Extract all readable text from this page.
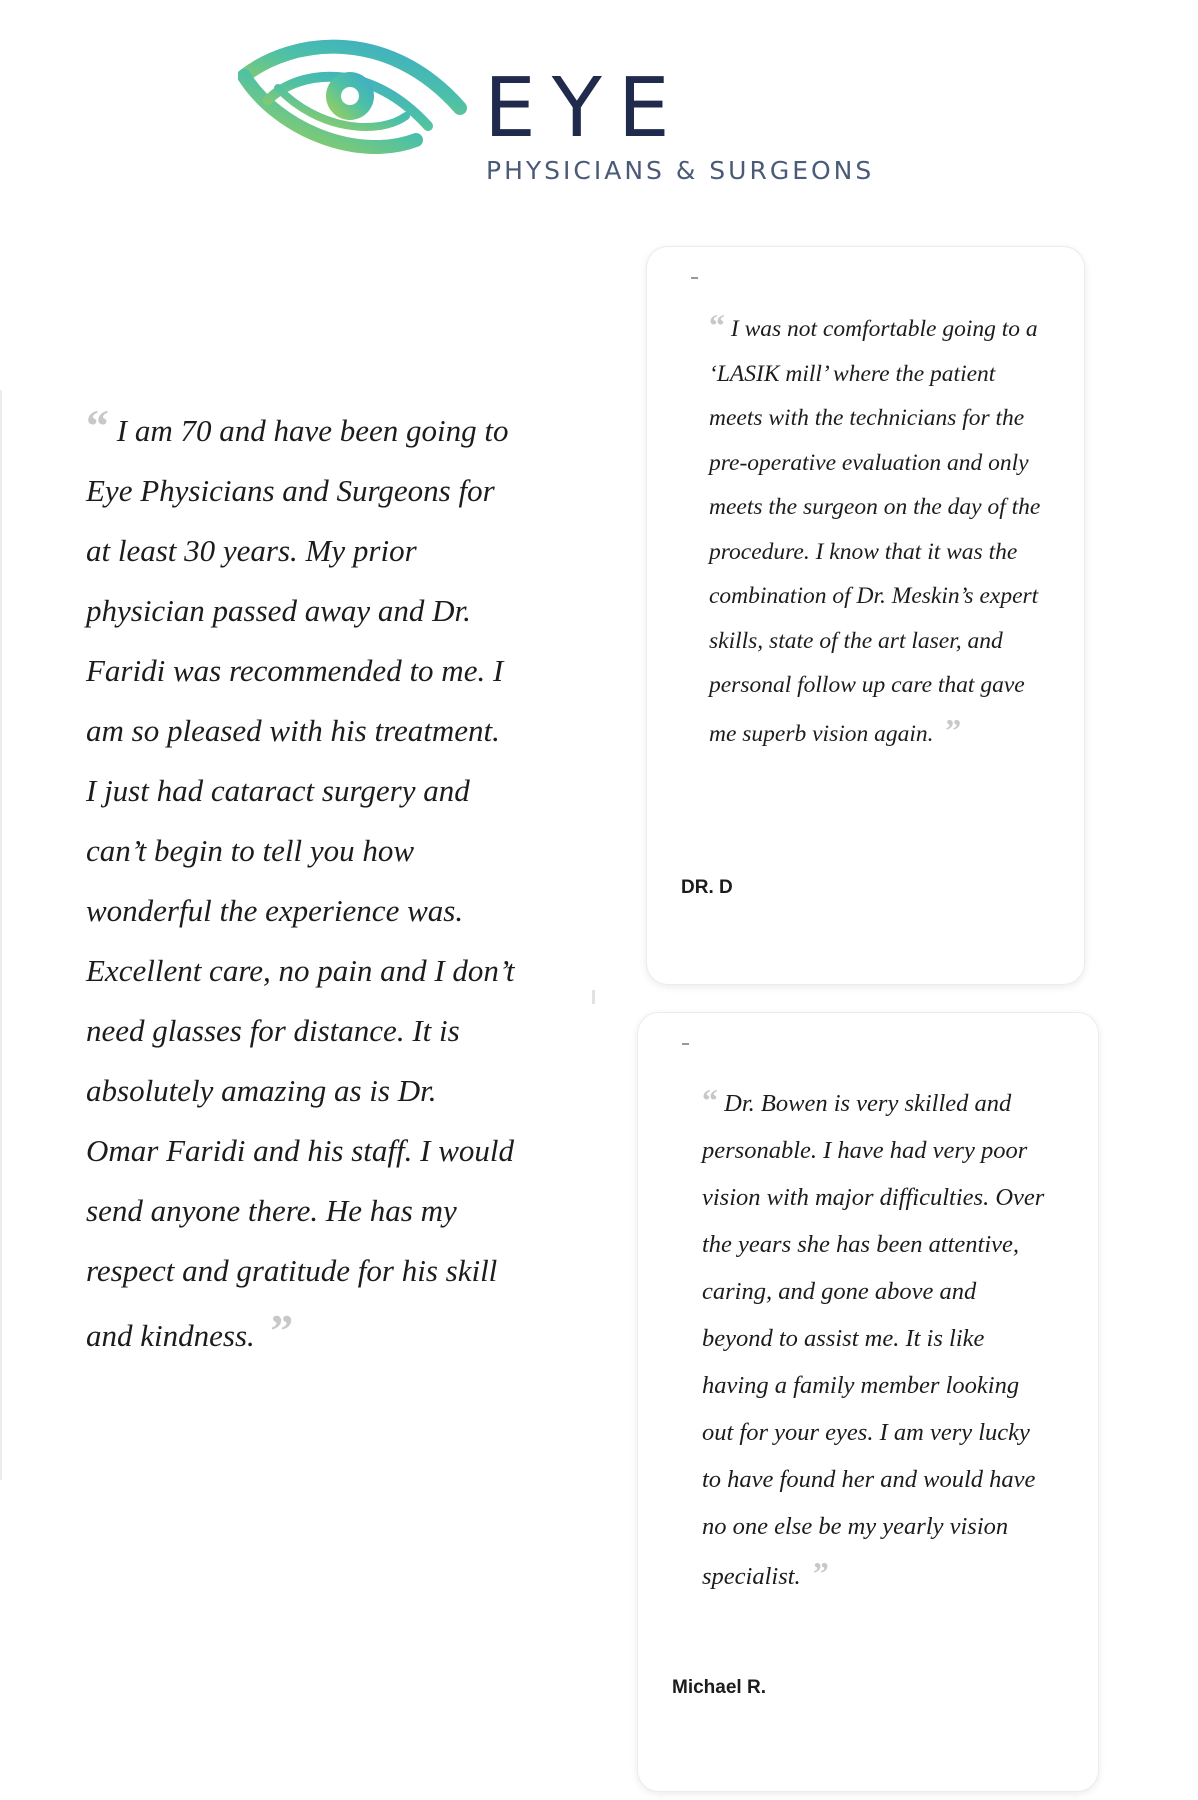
EYE
PHYSICIANS & SURGEONS

“ I am 70 and have been going to Eye Physicians and Surgeons for at least 30 years. My prior physician passed away and Dr. Faridi was recommended to me. I am so pleased with his treatment. I just had cataract surgery and can’t begin to tell you how wonderful the experience was. Excellent care, no pain and I don’t need glasses for distance. It is absolutely amazing as is Dr. Omar Faridi and his staff. I would send anyone there. He has my respect and gratitude for his skill and kindness. ”

“ I was not comfortable going to a ‘LASIK mill’ where the patient meets with the technicians for the pre-operative evaluation and only meets the surgeon on the day of the procedure. I know that it was the combination of Dr. Meskin’s expert skills, state of the art laser, and personal follow up care that gave me superb vision again. ”

DR. D

“ Dr. Bowen is very skilled and personable. I have had very poor vision with major difficulties. Over the years she has been attentive, caring, and gone above and beyond to assist me. It is like having a family member looking out for your eyes. I am very lucky to have found her and would have no one else be my yearly vision specialist. ”

Michael R.
